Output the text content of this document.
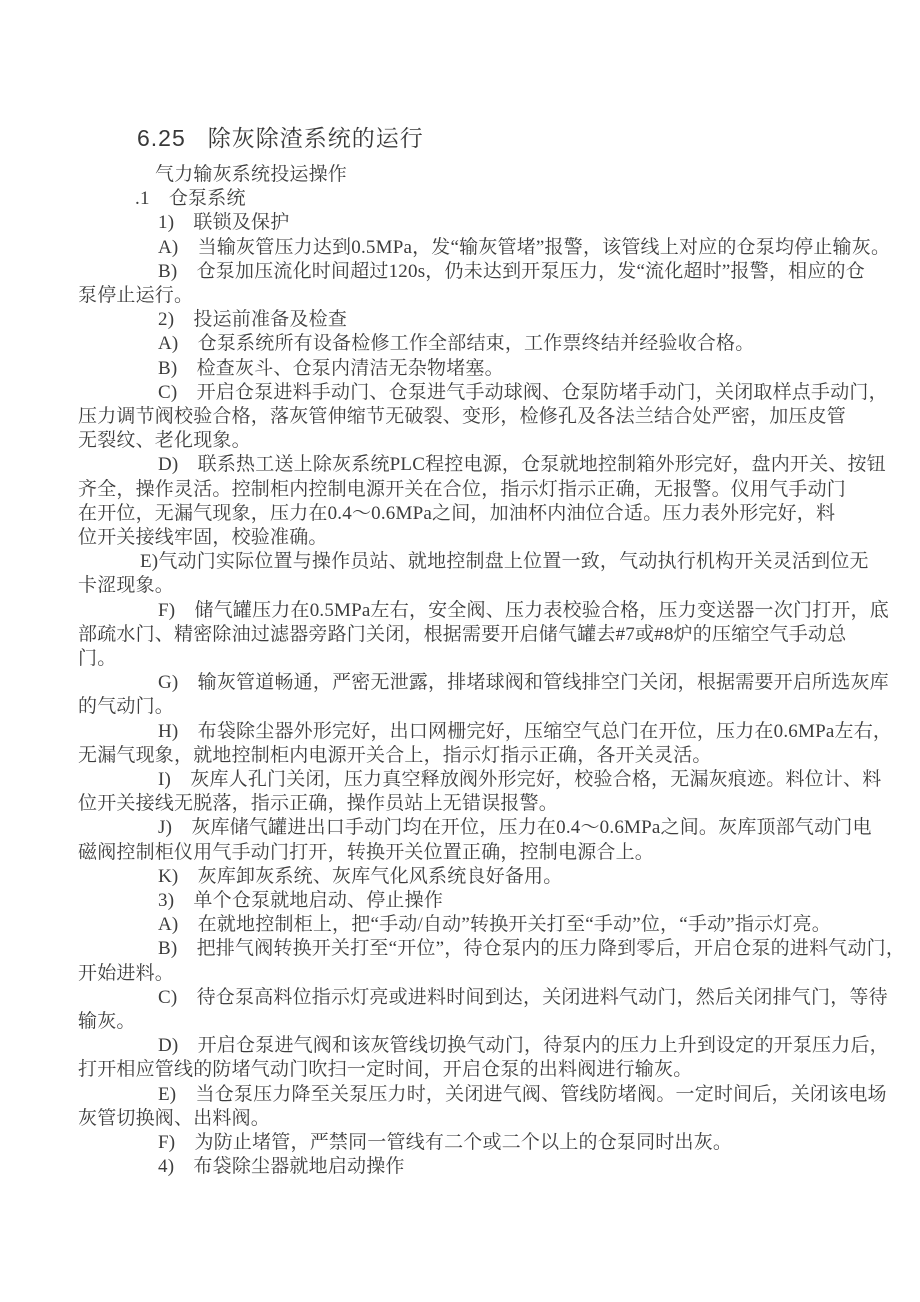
6.25 除灰除渣系统的运行
气力输灰系统投运操作
.1　仓泵系统
1)　联锁及保护
A)　当输灰管压力达到0.5MPa，发“输灰管堵”报警，该管线上对应的仓泵均停止输灰。
B)　仓泵加压流化时间超过120s，仍未达到开泵压力，发“流化超时”报警，相应的仓
泵停止运行。
2)　投运前准备及检查
A)　仓泵系统所有设备检修工作全部结束，工作票终结并经验收合格。
B)　检查灰斗、仓泵内清洁无杂物堵塞。
C)　开启仓泵进料手动门、仓泵进气手动球阀、仓泵防堵手动门，关闭取样点手动门，
压力调节阀校验合格，落灰管伸缩节无破裂、变形，检修孔及各法兰结合处严密，加压皮管
无裂纹、老化现象。
D)　联系热工送上除灰系统PLC程控电源，仓泵就地控制箱外形完好，盘内开关、按钮
齐全，操作灵活。控制柜内控制电源开关在合位，指示灯指示正确，无报警。仪用气手动门
在开位，无漏气现象，压力在0.4～0.6MPa之间，加油杯内油位合适。压力表外形完好，料
位开关接线牢固，校验准确。
E)气动门实际位置与操作员站、就地控制盘上位置一致，气动执行机构开关灵活到位无
卡涩现象。
F)　储气罐压力在0.5MPa左右，安全阀、压力表校验合格，压力变送器一次门打开，底
部疏水门、精密除油过滤器旁路门关闭，根据需要开启储气罐去#7或#8炉的压缩空气手动总
门。
G)　输灰管道畅通，严密无泄露，排堵球阀和管线排空门关闭，根据需要开启所选灰库
的气动门。
H)　布袋除尘器外形完好，出口网栅完好，压缩空气总门在开位，压力在0.6MPa左右，
无漏气现象，就地控制柜内电源开关合上，指示灯指示正确，各开关灵活。
I)　灰库人孔门关闭，压力真空释放阀外形完好，校验合格，无漏灰痕迹。料位计、料
位开关接线无脱落，指示正确，操作员站上无错误报警。
J)　灰库储气罐进出口手动门均在开位，压力在0.4～0.6MPa之间。灰库顶部气动门电
磁阀控制柜仪用气手动门打开，转换开关位置正确，控制电源合上。
K)　灰库卸灰系统、灰库气化风系统良好备用。
3)　单个仓泵就地启动、停止操作
A)　在就地控制柜上，把“手动/自动”转换开关打至“手动”位，“手动”指示灯亮。
B)　把排气阀转换开关打至“开位”，待仓泵内的压力降到零后，开启仓泵的进料气动门，
开始进料。
C)　待仓泵高料位指示灯亮或进料时间到达，关闭进料气动门，然后关闭排气门，等待
输灰。
D)　开启仓泵进气阀和该灰管线切换气动门，待泵内的压力上升到设定的开泵压力后，
打开相应管线的防堵气动门吹扫一定时间，开启仓泵的出料阀进行输灰。
E)　当仓泵压力降至关泵压力时，关闭进气阀、管线防堵阀。一定时间后，关闭该电场
灰管切换阀、出料阀。
F)　为防止堵管，严禁同一管线有二个或二个以上的仓泵同时出灰。
4)　布袋除尘器就地启动操作
